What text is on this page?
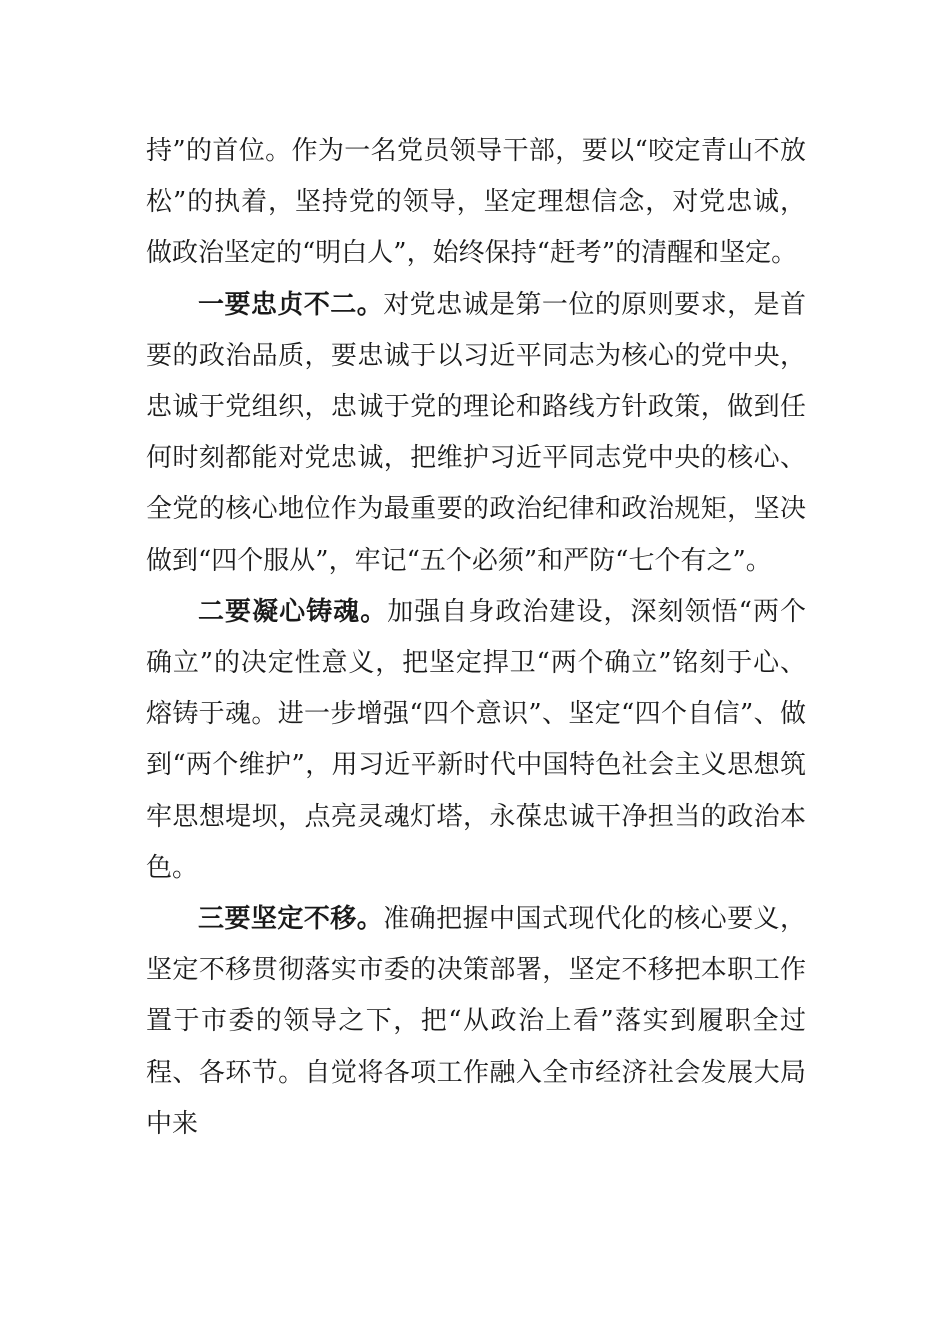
持”的首位。作为一名党员领导干部，要以“咬定青山不放松”的执着，坚持党的领导，坚定理想信念，对党忠诚，做政治坚定的“明白人”，始终保持“赶考”的清醒和坚定。

一要忠贞不二。对党忠诚是第一位的原则要求，是首要的政治品质，要忠诚于以习近平同志为核心的党中央，忠诚于党组织，忠诚于党的理论和路线方针政策，做到任何时刻都能对党忠诚，把维护习近平同志党中央的核心、全党的核心地位作为最重要的政治纪律和政治规矩，坚决做到“四个服从”，牢记“五个必须”和严防“七个有之”。

二要凝心铸魂。加强自身政治建设，深刻领悟“两个确立”的决定性意义，把坚定捍卫“两个确立”铭刻于心、熔铸于魂。进一步增强“四个意识”、坚定“四个自信”、做到“两个维护”，用习近平新时代中国特色社会主义思想筑牢思想堤坝，点亮灵魂灯塔，永葆忠诚干净担当的政治本色。

三要坚定不移。准确把握中国式现代化的核心要义，坚定不移贯彻落实市委的决策部署，坚定不移把本职工作置于市委的领导之下，把“从政治上看”落实到履职全过程、各环节。自觉将各项工作融入全市经济社会发展大局中来
